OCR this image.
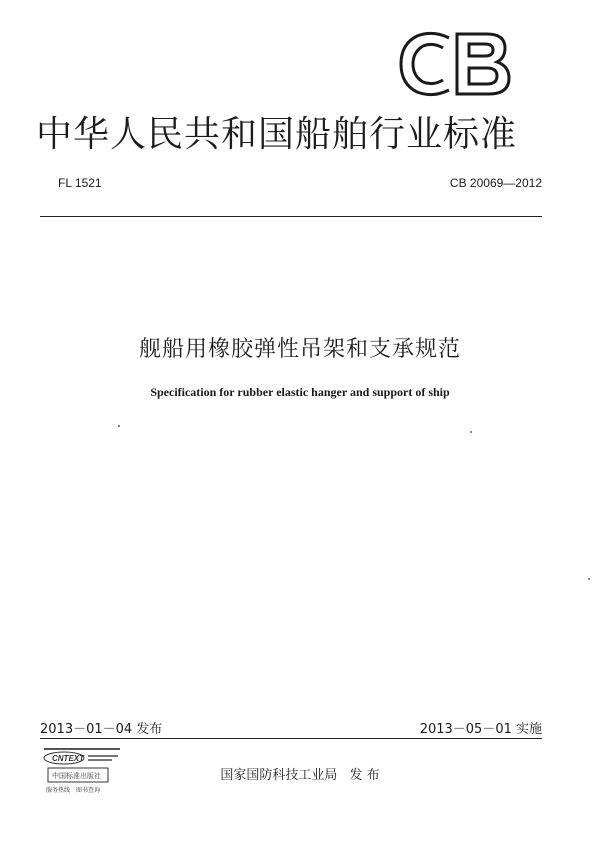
CB
中华人民共和国船舶行业标准
FL 1521	CB 20069—2012
舰船用橡胶弹性吊架和支承规范
Specification for rubber elastic hanger and support of ship
2013－01－04 发布	2013－05－01 实施
CNTEXT
中国标准出版社
服务热线　图书查询
国家国防科技工业局 发 布
